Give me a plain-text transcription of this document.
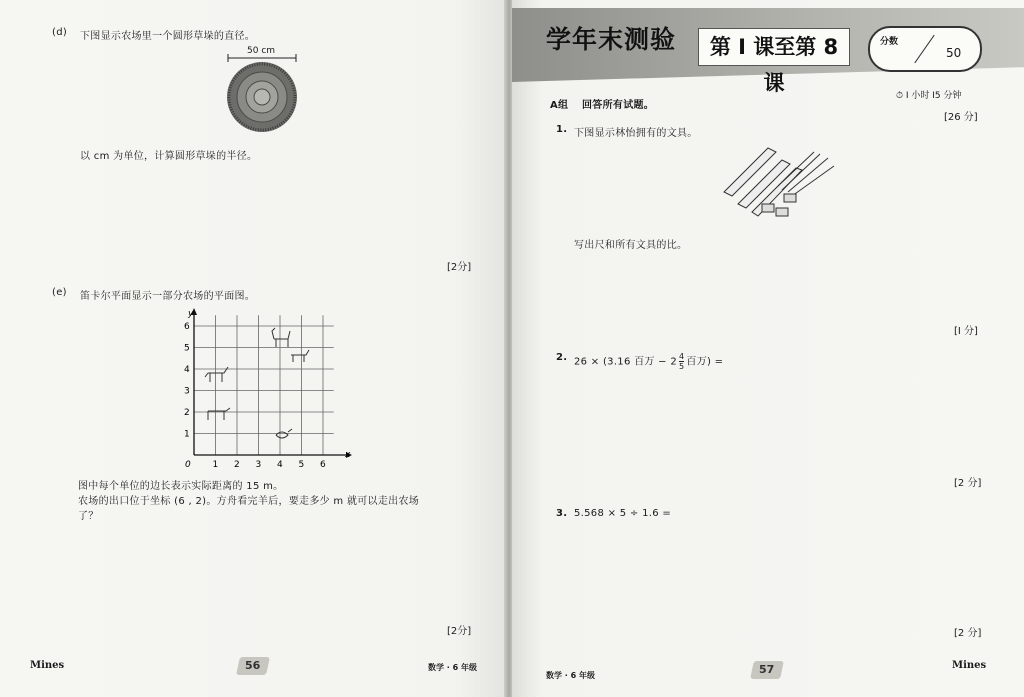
(d) 下图显示农场里一个圆形草垛的直径。
50 cm
以 cm 为单位，计算圆形草垛的半径。
[2分]
(e) 笛卡尔平面显示一部分农场的平面图。
x
y
0 1 2 3 4 5 6
1
2
3
4
5
6
图中每个单位的边长表示实际距离的 15 m。
农场的出口位于坐标 (6 , 2)。方舟看完羊后，要走多少 m 就可以走出农场
了？
[2分]
Mines	56	数学 · 6 年级
学年末测验	第 I 课至第 8 课
分数
50
⏱ I 小时 I5 分钟
A组 回答所有试题。
[26 分]
1. 下图显示林怡拥有的文具。
写出尺和所有文具的比。
[I 分]
2. 26 × (3.16 百万 − $2 \frac{4}{5}$ 百万) =
[2 分]
3. 5.568 × 5 ÷ 1.6 =
[2 分]
数学 · 6 年级	57	Mines
